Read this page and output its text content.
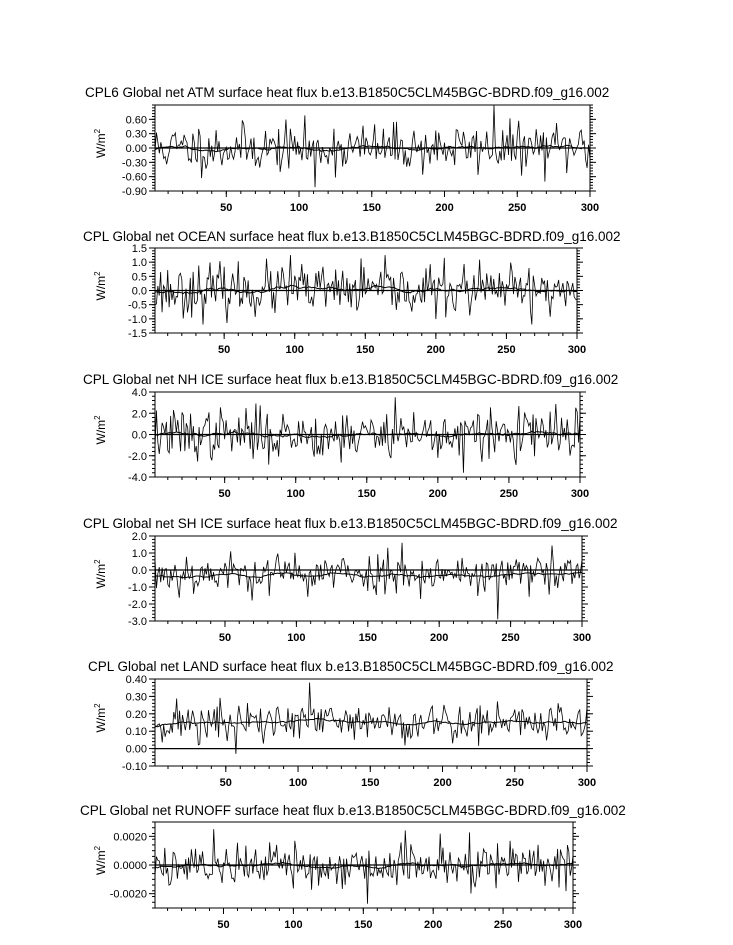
CPL6 Global net ATM surface heat flux b.e13.B1850C5CLM45BGC-BDRD.f09_g16.002
-0.90
-0.60
-0.30
0.00
0.30
0.60
50	100	150	200	250	300
$W/m^2$
CPL Global net OCEAN surface heat flux b.e13.B1850C5CLM45BGC-BDRD.f09_g16.002
-1.5
-1.0
-0.5
0.0
0.5
1.0
1.5
50	100	150	200	250	300
$W/m^2$
CPL Global net NH ICE surface heat flux b.e13.B1850C5CLM45BGC-BDRD.f09_g16.002
-4.0
-2.0
0.0
2.0
4.0
50	100	150	200	250	300
$W/m^2$
CPL Global net SH ICE surface heat flux b.e13.B1850C5CLM45BGC-BDRD.f09_g16.002
-3.0
-2.0
-1.0
0.0
1.0
2.0
50	100	150	200	250	300
$W/m^2$
CPL Global net LAND surface heat flux b.e13.B1850C5CLM45BGC-BDRD.f09_g16.002
-0.10
0.00
0.10
0.20
0.30
0.40
50	100	150	200	250	300
$W/m^2$
CPL Global net RUNOFF surface heat flux b.e13.B1850C5CLM45BGC-BDRD.f09_g16.002
-0.0020
0.0000
0.0020
50	100	150	200	250	300
$W/m^2$
